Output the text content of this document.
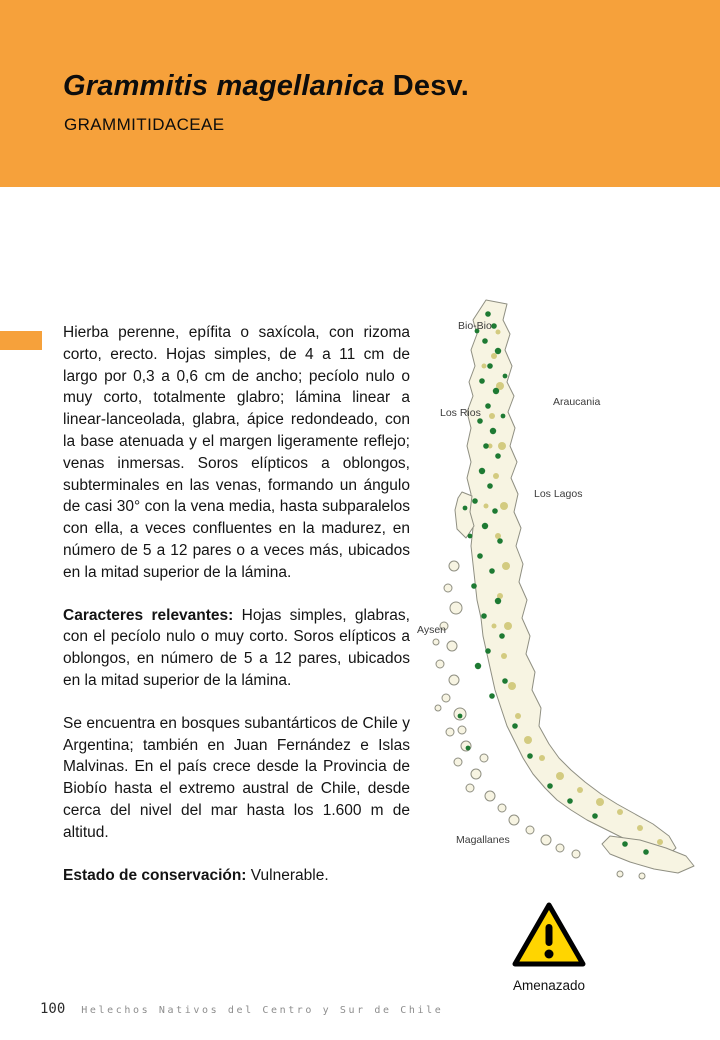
Grammitis magellanica Desv.
GRAMMITIDACEAE

Hierba perenne, epífita o saxícola, con rizoma corto, erecto. Hojas simples, de 4 a 11 cm de largo por 0,3 a 0,6 cm de ancho; pecíolo nulo o muy corto, totalmente glabro; lámina linear a linear-lanceolada, glabra, ápice redondeado, con la base atenuada y el margen ligeramente reflejo; venas inmersas. Soros elípticos a oblongos, subterminales en las venas, formando un ángulo de casi 30° con la vena media, hasta subparalelos con ella, a veces confluentes en la madurez, en número de 5 a 12 pares o a veces más, ubicados en la mitad superior de la lámina.

Caracteres relevantes: Hojas simples, glabras, con el pecíolo nulo o muy corto. Soros elípticos a oblongos, en número de 5 a 12 pares, ubicados en la mitad superior de la lámina.

Se encuentra en bosques subantárticos de Chile y Argentina; también en Juan Fernández e Islas Malvinas. En el país crece desde la Provincia de Biobío hasta el extremo austral de Chile, desde cerca del nivel del mar hasta los 1.600 m de altitud.

Estado de conservación: Vulnerable.

Bio-Bio
Araucania
Los Rios
Los Lagos
Aysen
Magallanes
Amenazado
100 Helechos Nativos del Centro y Sur de Chile
